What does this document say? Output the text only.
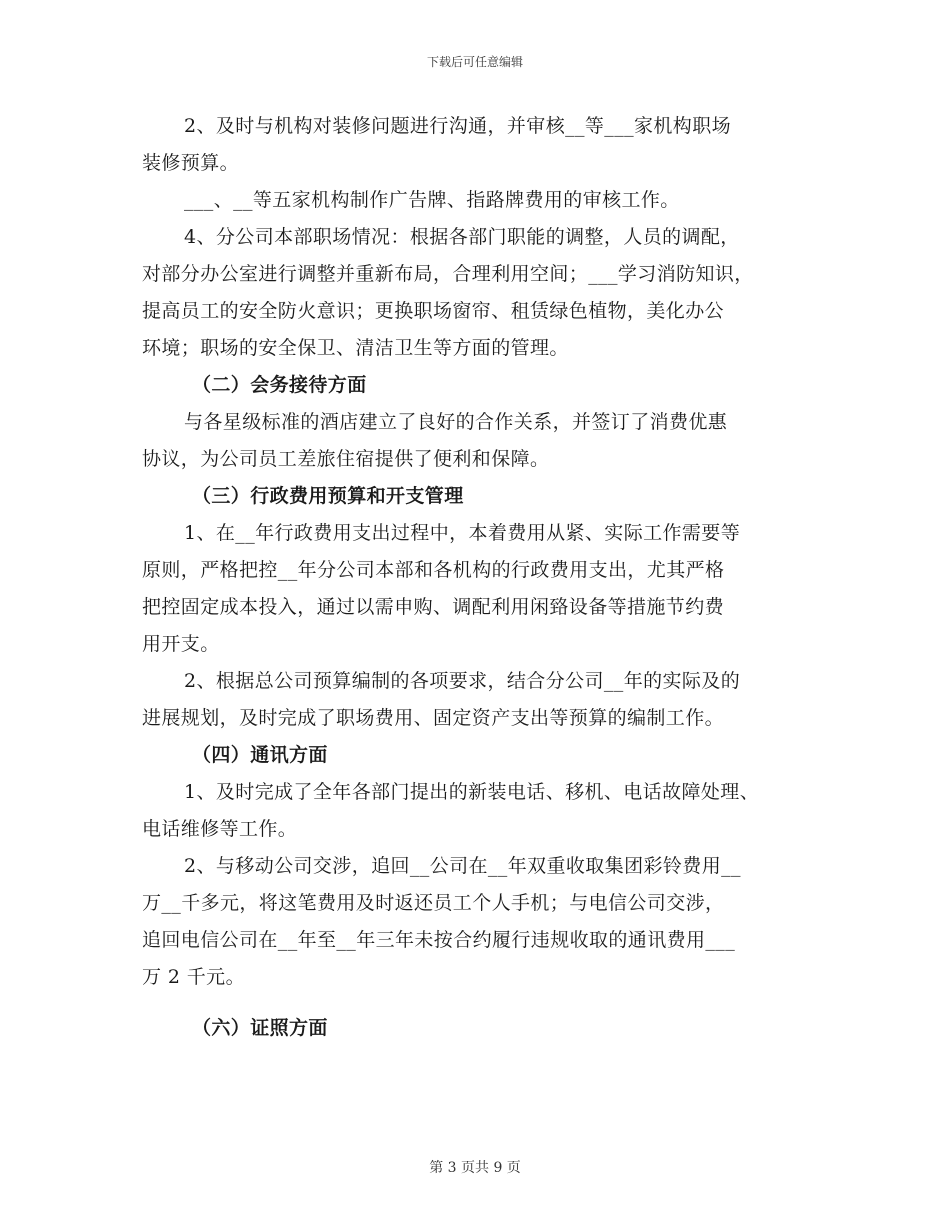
下载后可任意编辑
2、及时与机构对装修问题进行沟通，并审核__等___家机构职场
装修预算。
___、__等五家机构制作广告牌、指路牌费用的审核工作。
4、分公司本部职场情况：根据各部门职能的调整，人员的调配，
对部分办公室进行调整并重新布局，合理利用空间；___学习消防知识，
提高员工的安全防火意识；更换职场窗帘、租赁绿色植物，美化办公
环境；职场的安全保卫、清洁卫生等方面的管理。
（二）会务接待方面
与各星级标准的酒店建立了良好的合作关系，并签订了消费优惠
协议，为公司员工差旅住宿提供了便利和保障。
（三）行政费用预算和开支管理
1、在__年行政费用支出过程中，本着费用从紧、实际工作需要等
原则，严格把控__年分公司本部和各机构的行政费用支出，尤其严格
把控固定成本投入，通过以需申购、调配利用闲臵设备等措施节约费
用开支。
2、根据总公司预算编制的各项要求，结合分公司__年的实际及的
进展规划，及时完成了职场费用、固定资产支出等预算的编制工作。
（四）通讯方面
1、及时完成了全年各部门提出的新装电话、移机、电话故障处理、
电话维修等工作。
2、与移动公司交涉，追回__公司在__年双重收取集团彩铃费用__
万__千多元，将这笔费用及时返还员工个人手机；与电信公司交涉，
追回电信公司在__年至__年三年未按合约履行违规收取的通讯费用___
万 2 千元。
（六）证照方面
第 3 页共 9 页
